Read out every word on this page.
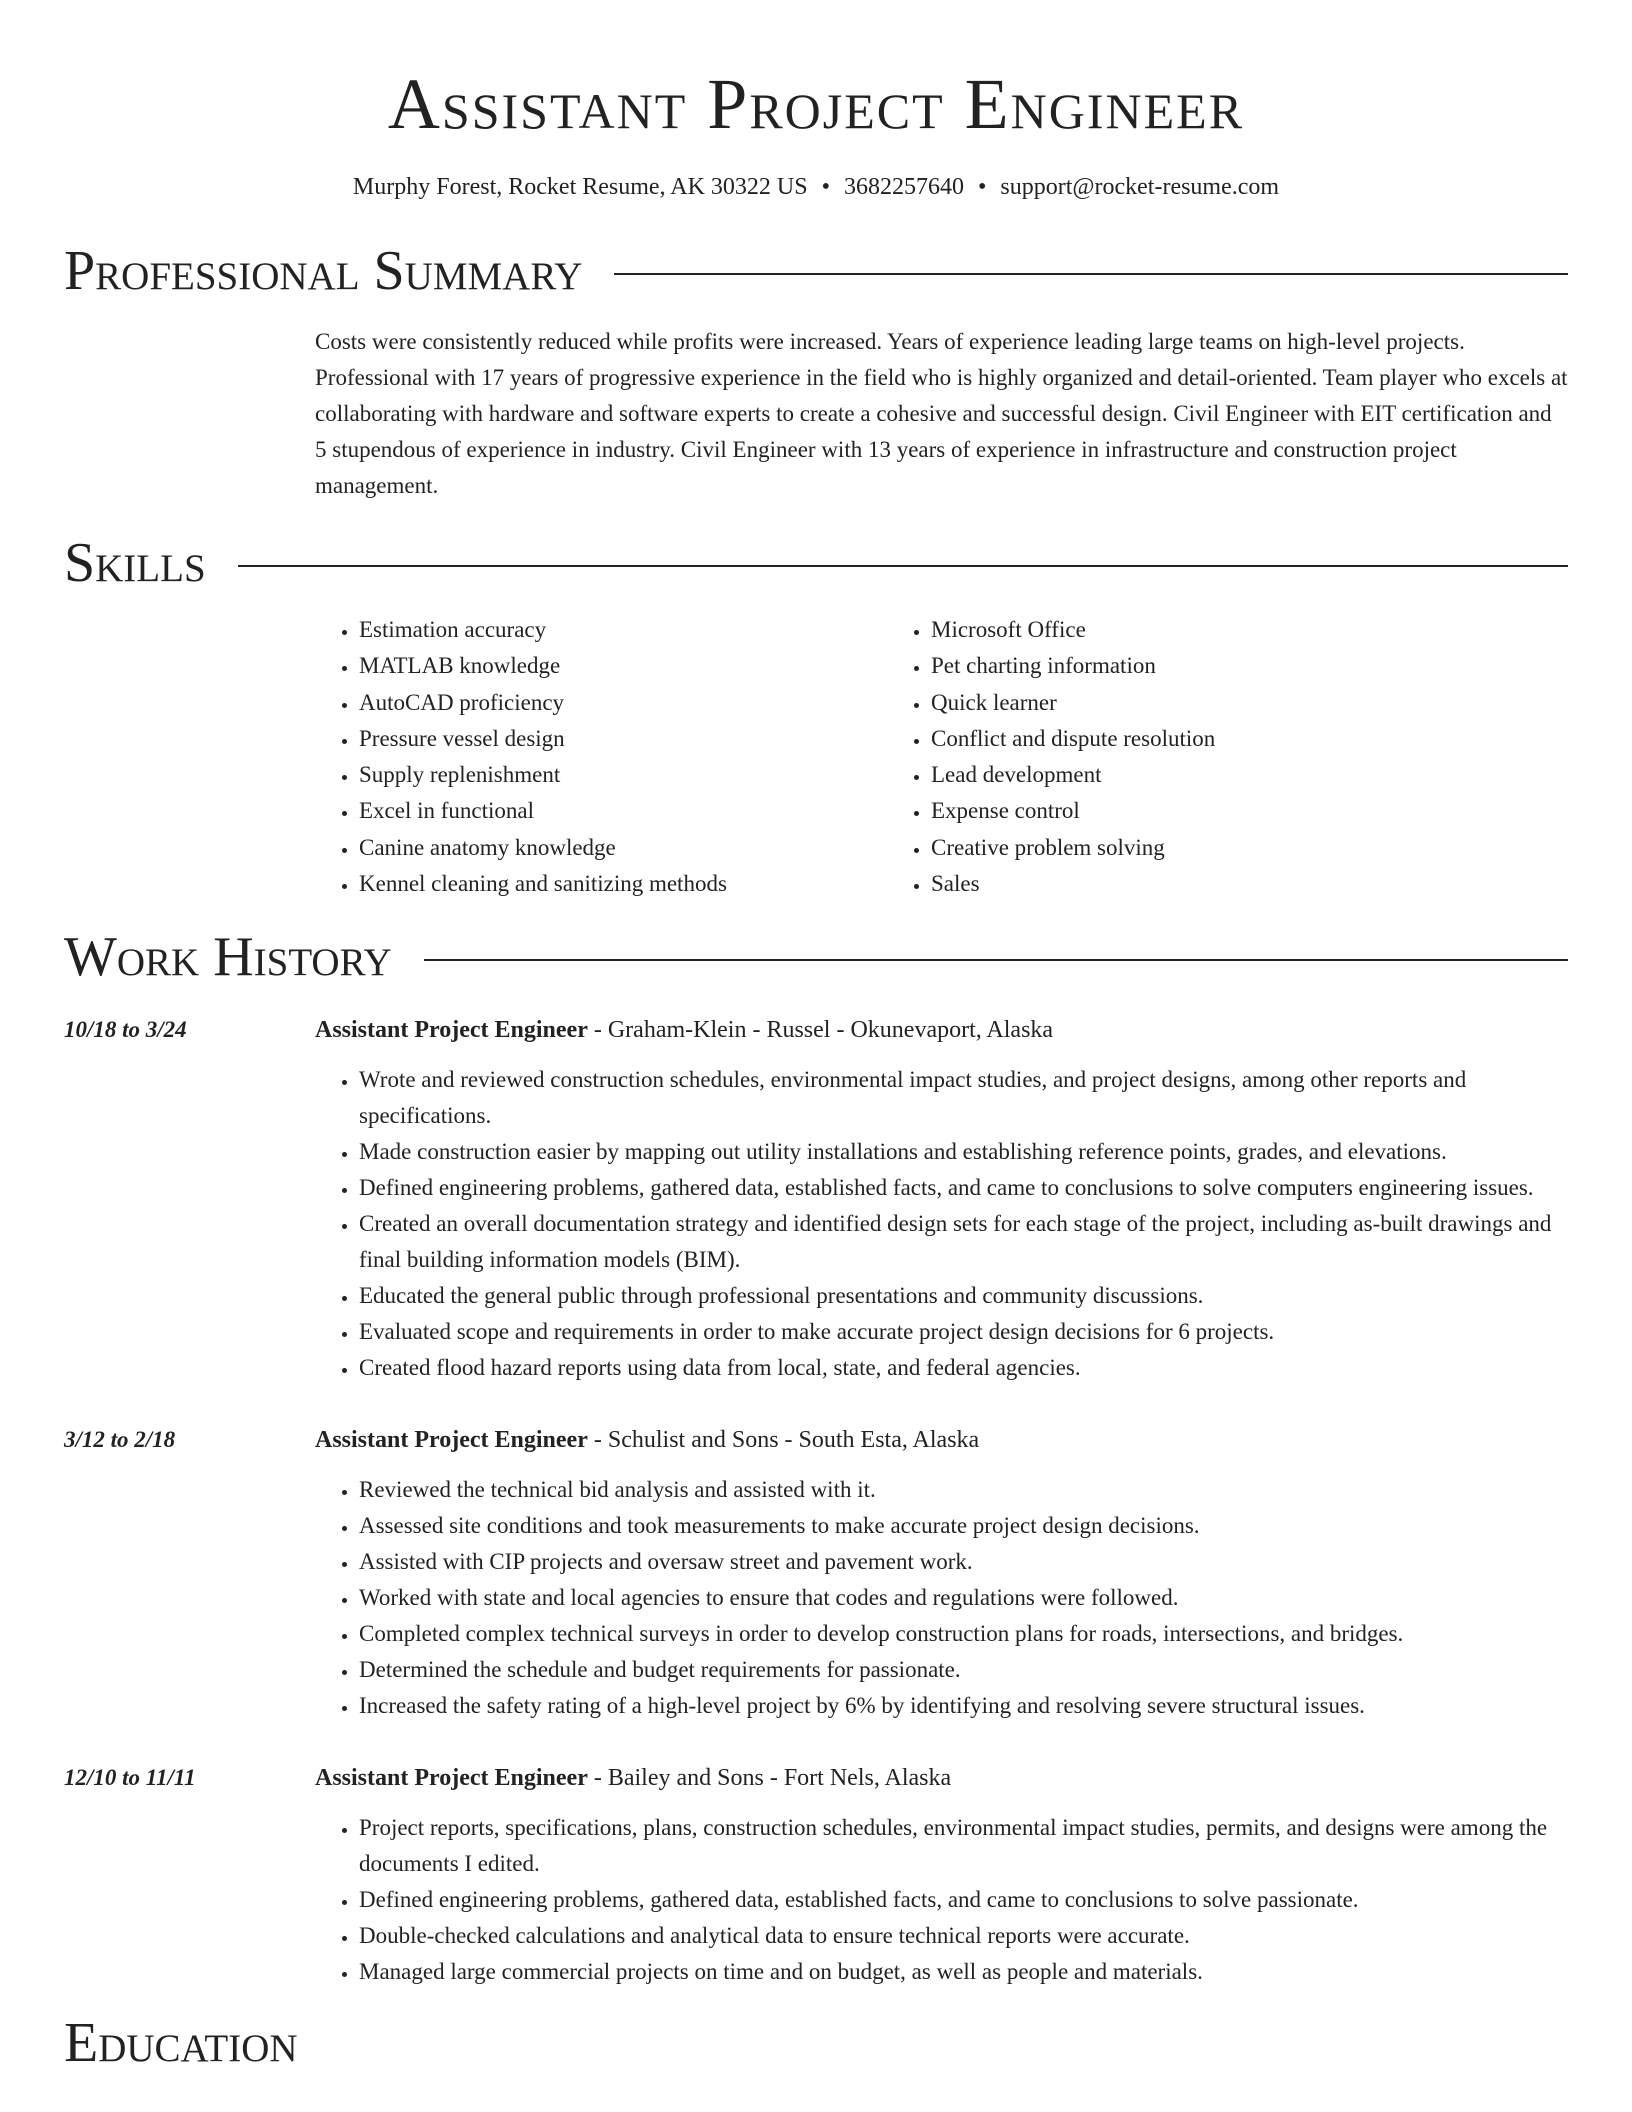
Assistant Project Engineer
Murphy Forest, Rocket Resume, AK 30322 US • 3682257640 • support@rocket-resume.com
Professional Summary

Costs were consistently reduced while profits were increased. Years of experience leading large teams on high-level projects. Professional with 17 years of progressive experience in the field who is highly organized and detail-oriented. Team player who excels at collaborating with hardware and software experts to create a cohesive and successful design. Civil Engineer with EIT certification and 5 stupendous of experience in industry. Civil Engineer with 13 years of experience in infrastructure and construction project management.

Skills
• Estimation accuracy
• MATLAB knowledge
• AutoCAD proficiency
• Pressure vessel design
• Supply replenishment
• Excel in functional
• Canine anatomy knowledge
• Kennel cleaning and sanitizing methods
• Microsoft Office
• Pet charting information
• Quick learner
• Conflict and dispute resolution
• Lead development
• Expense control
• Creative problem solving
• Sales
Work History
10/18 to 3/24	Assistant Project Engineer - Graham-Klein - Russel - Okunevaport, Alaska
• Wrote and reviewed construction schedules, environmental impact studies, and project designs, among other reports and specifications.
• Made construction easier by mapping out utility installations and establishing reference points, grades, and elevations.
• Defined engineering problems, gathered data, established facts, and came to conclusions to solve computers engineering issues.
• Created an overall documentation strategy and identified design sets for each stage of the project, including as-built drawings and final building information models (BIM).
• Educated the general public through professional presentations and community discussions.
• Evaluated scope and requirements in order to make accurate project design decisions for 6 projects.
• Created flood hazard reports using data from local, state, and federal agencies.
3/12 to 2/18	Assistant Project Engineer - Schulist and Sons - South Esta, Alaska
• Reviewed the technical bid analysis and assisted with it.
• Assessed site conditions and took measurements to make accurate project design decisions.
• Assisted with CIP projects and oversaw street and pavement work.
• Worked with state and local agencies to ensure that codes and regulations were followed.
• Completed complex technical surveys in order to develop construction plans for roads, intersections, and bridges.
• Determined the schedule and budget requirements for passionate.
• Increased the safety rating of a high-level project by 6% by identifying and resolving severe structural issues.
12/10 to 11/11	Assistant Project Engineer - Bailey and Sons - Fort Nels, Alaska
• Project reports, specifications, plans, construction schedules, environmental impact studies, permits, and designs were among the documents I edited.
• Defined engineering problems, gathered data, established facts, and came to conclusions to solve passionate.
• Double-checked calculations and analytical data to ensure technical reports were accurate.
• Managed large commercial projects on time and on budget, as well as people and materials.
Education
